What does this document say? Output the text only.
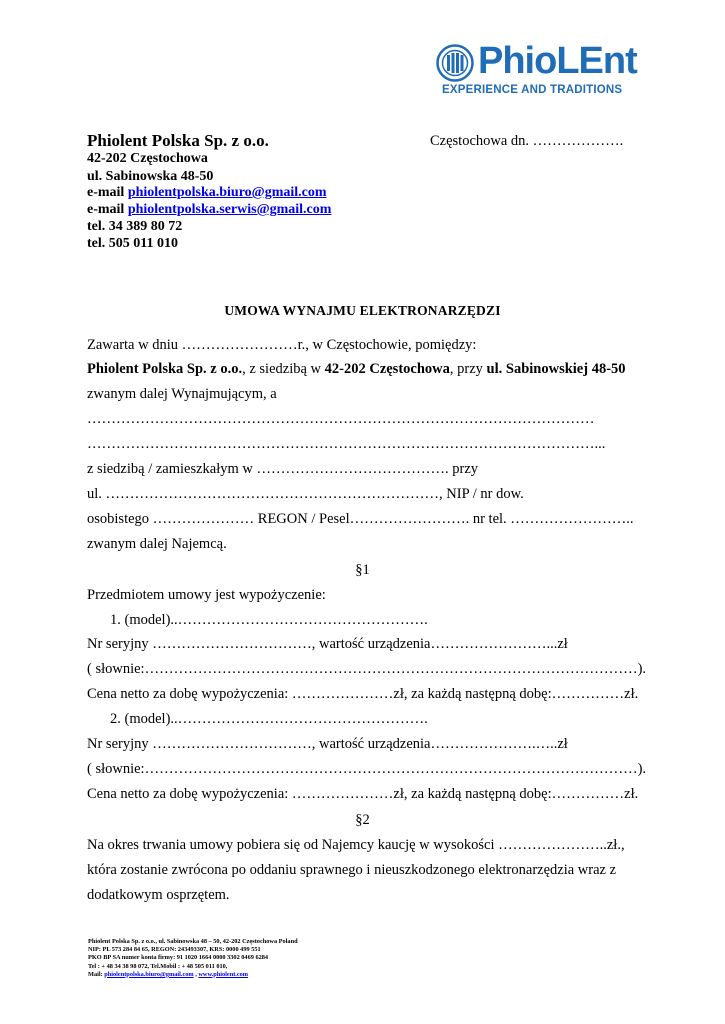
PhioLEnt
EXPERIENCE AND TRADITIONS
Phiolent Polska Sp. z o.o.	Częstochowa dn. ……………….
42-202 Częstochowa
ul. Sabinowska 48-50
e-mail phiolentpolska.biuro@gmail.com
e-mail phiolentpolska.serwis@gmail.com
tel. 34 389 80 72
tel. 505 011 010
UMOWA WYNAJMU ELEKTRONARZĘDZI
Zawarta w dniu ……………………r., w Częstochowie, pomiędzy:
Phiolent Polska Sp. z o.o., z siedzibą w 42-202 Częstochowa, przy ul. Sabinowskiej 48-50
zwanym dalej Wynajmującym, a
……………………………………………………………………………………………
……………………………………………………………………………………………...
z siedzibą / zamieszkałym w …………………………………. przy
ul. ……………………………………………………………, NIP / nr dow.
osobistego ………………… REGON / Pesel……………………. nr tel. ……………………..
zwanym dalej Najemcą.
§1
Przedmiotem umowy jest wypożyczenie:
1. (model)..…………………………………………….
Nr seryjny ……………………………, wartość urządzenia……………………...zł
( słownie:…………………………………………………………………………………………).
Cena netto za dobę wypożyczenia: …………………zł, za każdą następną dobę:……………zł.
2. (model)..…………………………………………….
Nr seryjny ……………………………, wartość urządzenia………………….…..zł
( słownie:…………………………………………………………………………………………).
Cena netto za dobę wypożyczenia: …………………zł, za każdą następną dobę:……………zł.
§2
Na okres trwania umowy pobiera się od Najemcy kaucję w wysokości …………………..zł.,
która zostanie zwrócona po oddaniu sprawnego i nieuszkodzonego elektronarzędzia wraz z
dodatkowym osprzętem.
Phiolent Polska Sp. z o.o., ul. Sabinowska 48 – 50, 42-202 Częstochowa Poland
NIP: PL 573 284 84 65, REGON: 243493307, KRS: 0000 499 551
PKO BP SA numer konta firmy: 91 1020 1664 0000 3302 0469 6284
Tel : + 48 34 38 98 072, Tel.Mobil : + 48 505 011 010,
Mail: phiolentpolska.biuro@gmail.com , www.phiolent.com
